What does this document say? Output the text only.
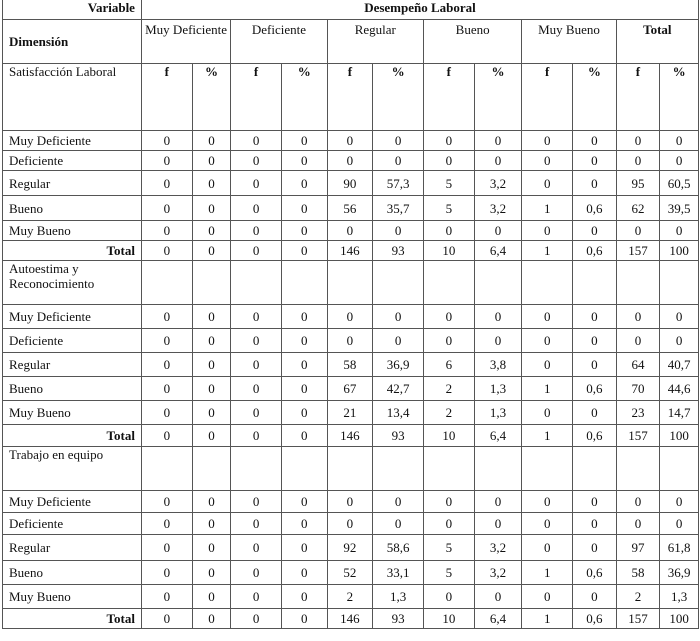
Variable	Desempeño Laboral											
Dimensión	Muy Deficiente		Deficiente		Regular		Bueno		Muy Bueno		Total	
Satisfacción Laboral	f	%	f	%	f	%	f	%	f	%	f	%
Muy Deficiente	0	0	0	0	0	0	0	0	0	0	0	0
Deficiente	0	0	0	0	0	0	0	0	0	0	0	0
Regular	0	0	0	0	90	57,3	5	3,2	0	0	95	60,5
Bueno	0	0	0	0	56	35,7	5	3,2	1	0,6	62	39,5
Muy Bueno	0	0	0	0	0	0	0	0	0	0	0	0
Total	0	0	0	0	146	93	10	6,4	1	0,6	157	100
Autoestima y Reconocimiento												
Muy Deficiente	0	0	0	0	0	0	0	0	0	0	0	0
Deficiente	0	0	0	0	0	0	0	0	0	0	0	0
Regular	0	0	0	0	58	36,9	6	3,8	0	0	64	40,7
Bueno	0	0	0	0	67	42,7	2	1,3	1	0,6	70	44,6
Muy Bueno	0	0	0	0	21	13,4	2	1,3	0	0	23	14,7
Total	0	0	0	0	146	93	10	6,4	1	0,6	157	100
Trabajo en equipo												
Muy Deficiente	0	0	0	0	0	0	0	0	0	0	0	0
Deficiente	0	0	0	0	0	0	0	0	0	0	0	0
Regular	0	0	0	0	92	58,6	5	3,2	0	0	97	61,8
Bueno	0	0	0	0	52	33,1	5	3,2	1	0,6	58	36,9
Muy Bueno	0	0	0	0	2	1,3	0	0	0	0	2	1,3
Total	0	0	0	0	146	93	10	6,4	1	0,6	157	100
